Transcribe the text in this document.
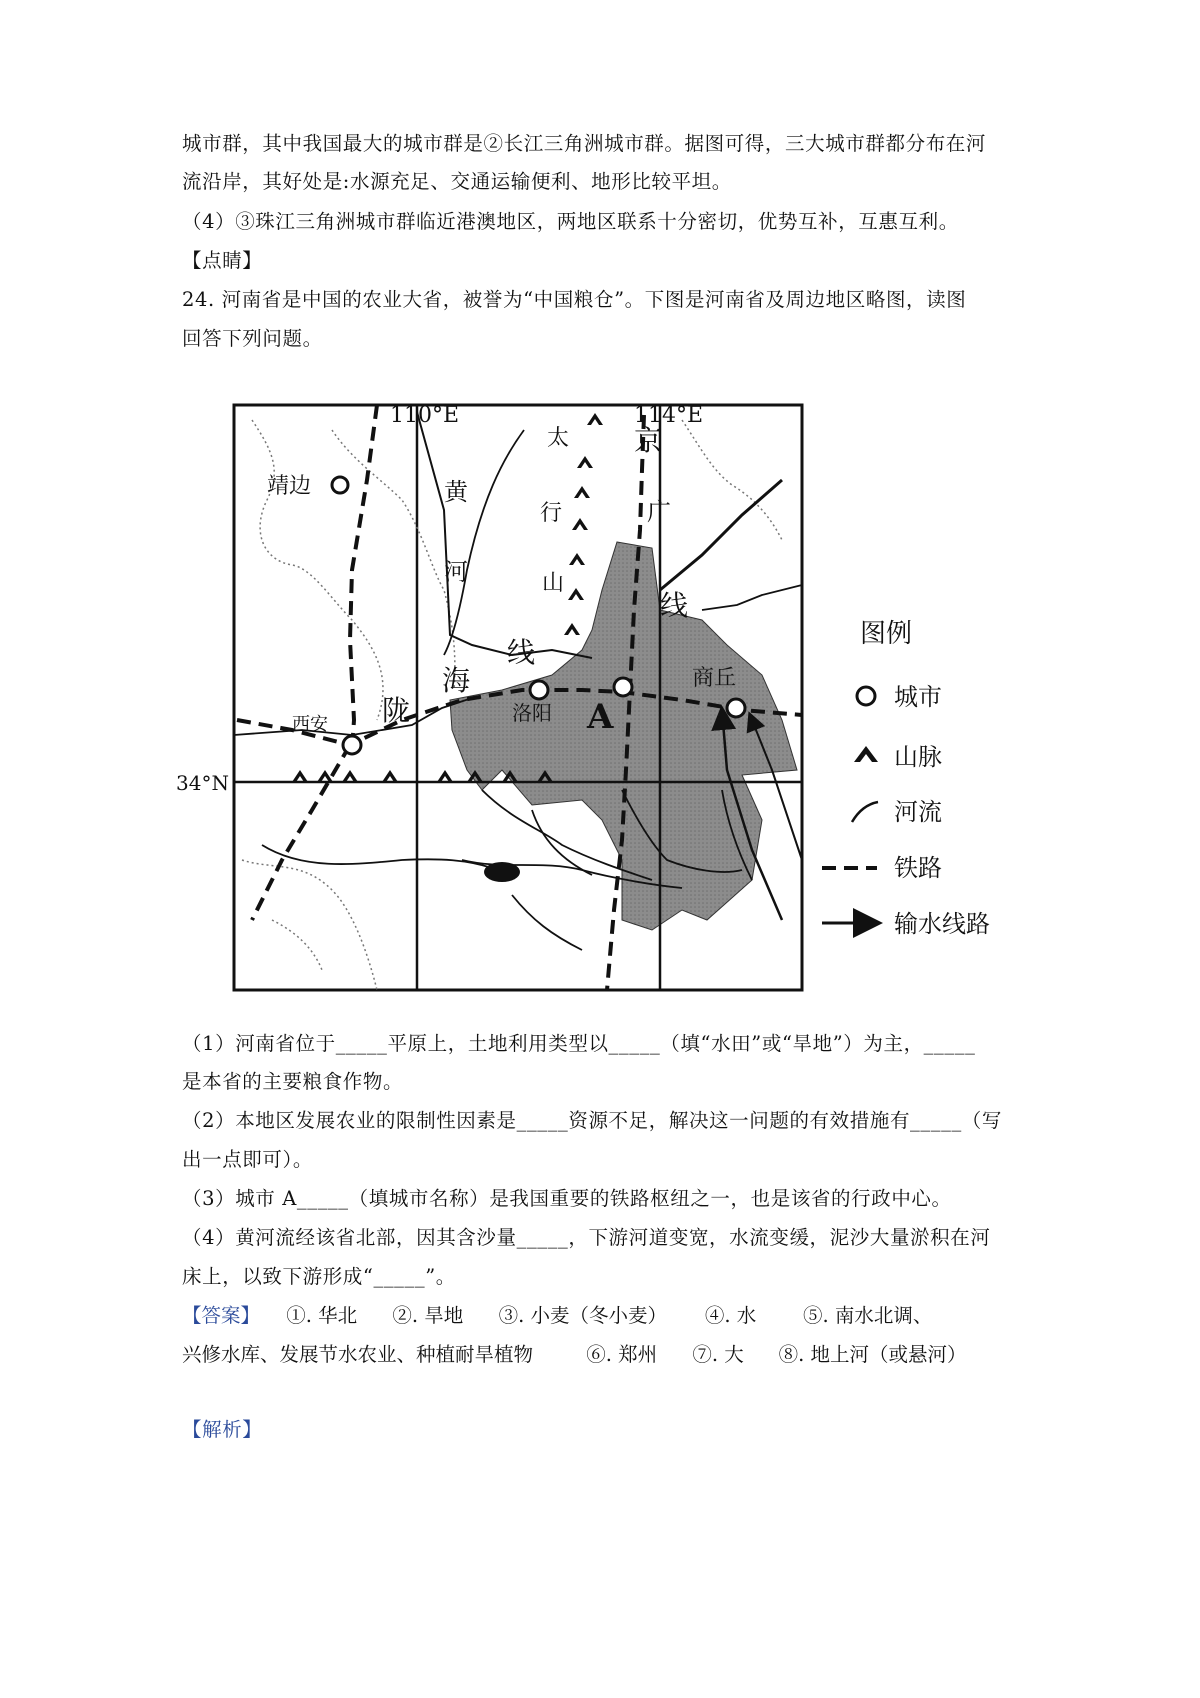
城市群，其中我国最大的城市群是②长江三角洲城市群。据图可得，三大城市群都分布在河
流沿岸，其好处是:水源充足、交通运输便利、地形比较平坦。
（4）③珠江三角洲城市群临近港澳地区，两地区联系十分密切，优势互补，互惠互利。
【点睛】
24. 河南省是中国的农业大省，被誉为“中国粮仓”。下图是河南省及周边地区略图，读图
回答下列问题。
110°E	114°E
34°N
靖边
西安	洛阳 A
商丘
黄
河
太
行
山
京
广
线
陇
海
线
图例
城市
山脉
河流
铁路
输水线路
（1）河南省位于_____平原上，土地利用类型以_____（填“水田”或“旱地”）为主，_____
是本省的主要粮食作物。
（2）本地区发展农业的限制性因素是_____资源不足，解决这一问题的有效措施有_____（写
出一点即可）。
（3）城市 A_____（填城市名称）是我国重要的铁路枢纽之一，也是该省的行政中心。
（4）黄河流经该省北部，因其含沙量_____，下游河道变宽，水流变缓，泥沙大量淤积在河
床上，以致下游形成“_____”。
【答案】 ①. 华北 ②. 旱地 ③. 小麦（冬小麦） ④. 水 ⑤. 南水北调、
兴修水库、发展节水农业、种植耐旱植物	⑥. 郑州 ⑦. 大 ⑧. 地上河（或悬河）
【解析】
